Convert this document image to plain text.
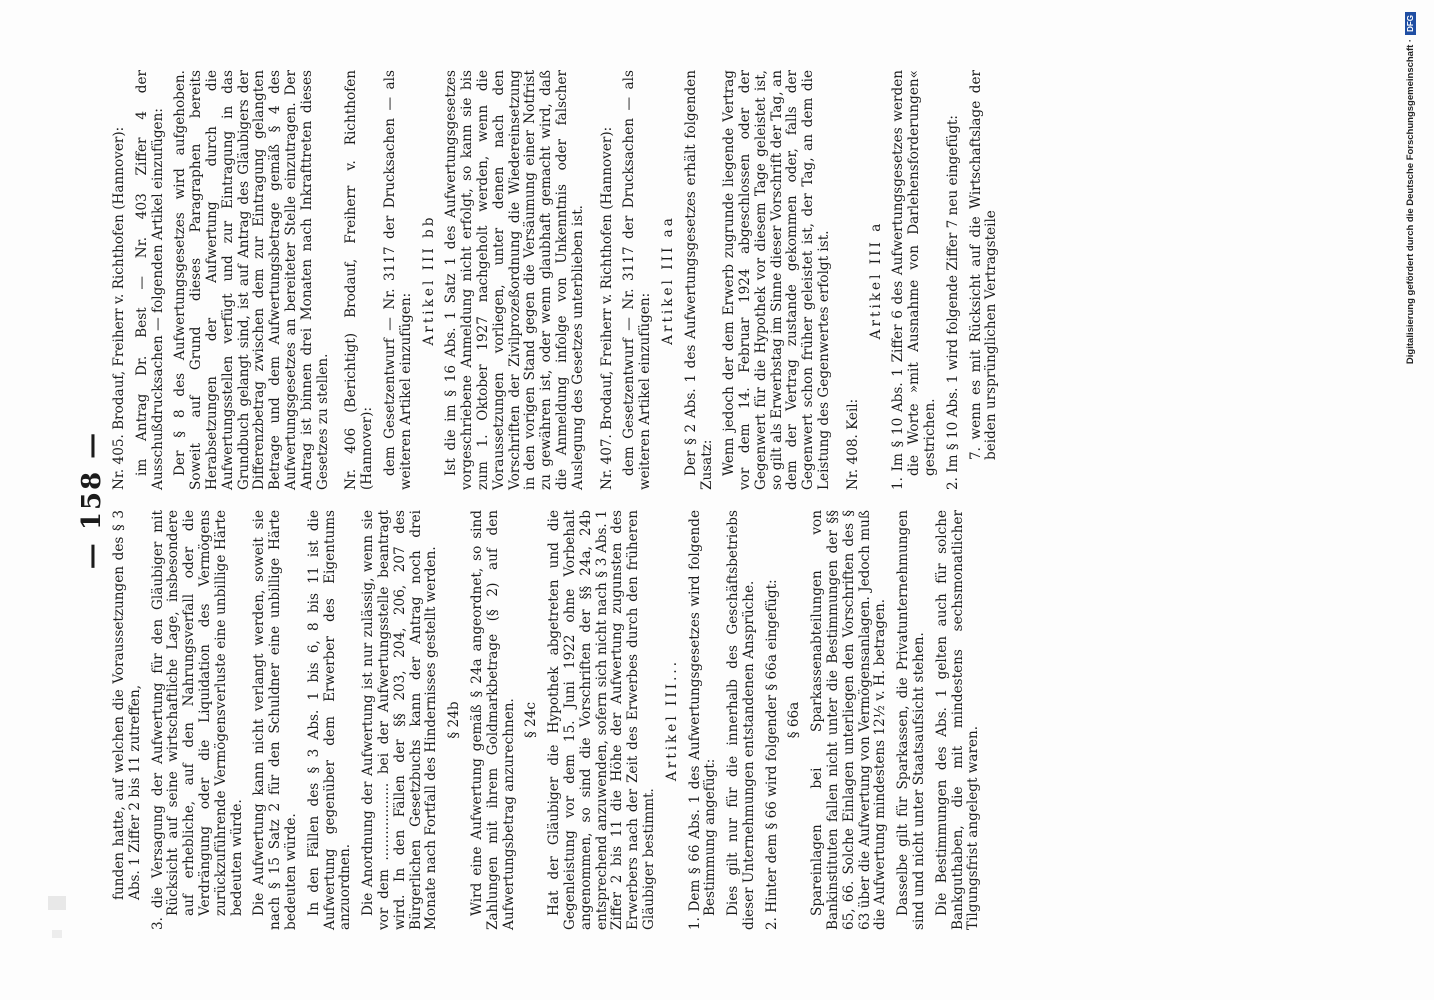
— 158 —

funden hatte, auf welchen die Voraussetzungen des § 3 Abs. 1 Ziffer 2 bis 11 zutreffen, 3. die Versagung der Aufwertung für den Gläubiger mit Rücksicht auf seine wirtschaftliche Lage, insbesondere auf erhebliche, auf den Nahrungsverfall oder die Verdrängung oder die Liquidation des Vermögens zurückzuführende Vermögensverluste eine unbillige Härte bedeuten würde. Die Aufwertung kann nicht verlangt werden, soweit sie nach § 15 Satz 2 für den Schuldner eine unbillige Härte bedeuten würde. In den Fällen des § 3 Abs. 1 bis 6, 8 bis 11 ist die Aufwertung gegenüber dem Erwerber des Eigentums anzuordnen. Die Anordnung der Aufwertung ist nur zulässig, wenn sie vor dem .................. bei der Aufwertungsstelle beantragt wird. In den Fällen der §§ 203, 204, 206, 207 des Bürgerlichen Gesetzbuchs kann der Antrag noch drei Monate nach Fortfall des Hindernisses gestellt werden. § 24b Wird eine Aufwertung gemäß § 24a angeordnet, so sind Zahlungen mit ihrem Goldmarkbetrage (§ 2) auf den Aufwertungsbetrag anzurechnen. § 24c Hat der Gläubiger die Hypothek abgetreten und die Gegenleistung vor dem 15. Juni 1922 ohne Vorbehalt angenommen, so sind die Vorschriften der §§ 24a, 24b entsprechend anzuwenden, sofern sich nicht nach § 3 Abs. 1 Ziffer 2 bis 11 die Höhe der Aufwertung zugunsten des Erwerbers nach der Zeit des Erwerbes durch den früheren Gläubiger bestimmt.

Artikel III... 1. Dem § 66 Abs. 1 des Aufwertungsgesetzes wird folgende Bestimmung angefügt: Dies gilt nur für die innerhalb des Geschäftsbetriebs dieser Unternehmungen entstandenen Ansprüche. 2. Hinter dem § 66 wird folgender § 66a eingefügt: § 66a Spareinlagen bei Sparkassenabteilungen von Bankinstituten fallen nicht unter die Bestimmungen der §§ 65, 66. Solche Einlagen unterliegen den Vorschriften des § 63 über die Aufwertung von Vermögensanlagen. Jedoch muß die Aufwertung mindestens 12½ v. H. betragen. Dasselbe gilt für Sparkassen, die Privatunternehmungen sind und nicht unter Staatsaufsicht stehen. Die Bestimmungen des Abs. 1 gelten auch für solche Bankguthaben, die mit mindestens sechsmonatlicher Tilgungsfrist angelegt waren.

Nr. 405. Brodauf, Freiherr v. Richthofen (Hannover): im Antrag Dr. Best — Nr. 403 Ziffer 4 der Ausschußdrucksachen — folgenden Artikel einzufügen: Der § 8 des Aufwertungsgesetzes wird aufgehoben. Soweit auf Grund dieses Paragraphen bereits Herabsetzungen der Aufwertung durch die Aufwertungsstellen verfügt und zur Eintragung in das Grundbuch gelangt sind, ist auf Antrag des Gläubigers der Differenzbetrag zwischen dem zur Eintragung gelangten Betrage und dem Aufwertungsbetrage gemäß § 4 des Aufwertungsgesetzes an bereiteter Stelle einzutragen. Der Antrag ist binnen drei Monaten nach Inkrafttreten dieses Gesetzes zu stellen. Nr. 406 (Berichtigt) Brodauf, Freiherr v. Richthofen (Hannover): dem Gesetzentwurf — Nr. 3117 der Drucksachen — als weiteren Artikel einzufügen:

Artikel III bb Ist die im § 16 Abs. 1 Satz 1 des Aufwertungsgesetzes vorgeschriebene Anmeldung nicht erfolgt, so kann sie bis zum 1. Oktober 1927 nachgeholt werden, wenn die Voraussetzungen vorliegen, unter denen nach den Vorschriften der Zivilprozeßordnung die Wiedereinsetzung in den vorigen Stand gegen die Versäumung einer Notfrist zu gewähren ist, oder wenn glaubhaft gemacht wird, daß die Anmeldung infolge von Unkenntnis oder falscher Auslegung des Gesetzes unterblieben ist. Nr. 407. Brodauf, Freiherr v. Richthofen (Hannover): dem Gesetzentwurf — Nr. 3117 der Drucksachen — als weiteren Artikel einzufügen:

Artikel III aa Der § 2 Abs. 1 des Aufwertungsgesetzes erhält folgenden Zusatz: Wenn jedoch der dem Erwerb zugrunde liegende Vertrag vor dem 14. Februar 1924 abgeschlossen oder der Gegenwert für die Hypothek vor diesem Tage geleistet ist, so gilt als Erwerbstag im Sinne dieser Vorschrift der Tag, an dem der Vertrag zustande gekommen oder, falls der Gegenwert schon früher geleistet ist, der Tag, an dem die Leistung des Gegenwertes erfolgt ist. Nr. 408. Keil:

Artikel III a 1. Im § 10 Abs. 1 Ziffer 6 des Aufwertungsgesetzes werden die Worte »mit Ausnahme von Darlehensforderungen« gestrichen. 2. Im § 10 Abs. 1 wird folgende Ziffer 7 neu eingefügt: 7. wenn es mit Rücksicht auf die Wirtschaftslage der beiden ursprünglichen Vertragsteile	Digitalisierung gefördert durch die Deutsche Forschungsgemeinschaft ·
DFG
